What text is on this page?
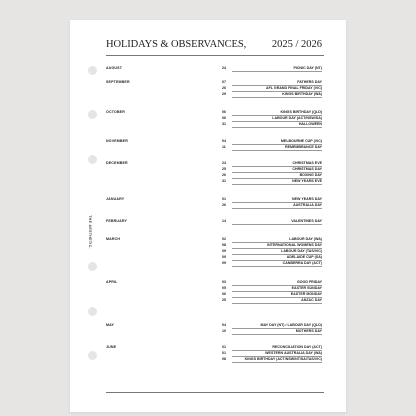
HOLIDAYS & OBSERVANCES, 2025 / 2026
THE AESTHETIC.
AUGUST	24	PICNIC DAY (NT)
SEPTEMBER	07	FATHERS DAY
26	AFL GRAND FINAL FRIDAY (VIC)
29	KINGS BIRTHDAY (WA)
OCTOBER	06	KINGS BIRTHDAY (QLD)
06	LABOUR DAY (ACT/NSW/SA)
31	HALLOWEEN
NOVEMBER	04	MELBOURNE CUP (VIC)
11	REMEMBRANCE DAY
DECEMBER	24	CHRISTMAS EVE
25	CHRISTMAS DAY
26	BOXING DAY
31	NEW YEARS EVE
JANUARY	01	NEW YEARS DAY
26	AUSTRALIA DAY
FEBRUARY	14	VALENTINES DAY
MARCH	02	LABOUR DAY (WA)
08	INTERNATIONAL WOMENS DAY
09	LABOUR DAY (TAS/VIC)
09	ADELAIDE CUP (SA)
09	CANBERRA DAY (ACT)
APRIL	03	GOOD FRIDAY
05	EASTER SUNDAY
06	EASTER MONDAY
25	ANZAC DAY
MAY	04	MAY DAY (NT) / LABOUR DAY (QLD)
10	MOTHERS DAY
JUNE	01	RECONCILIATION DAY (ACT)
01	WESTERN AUSTRALIA DAY (WA)
08	KINGS BIRTHDAY (ACT/NSW/NT/SA/TAS/VIC)
